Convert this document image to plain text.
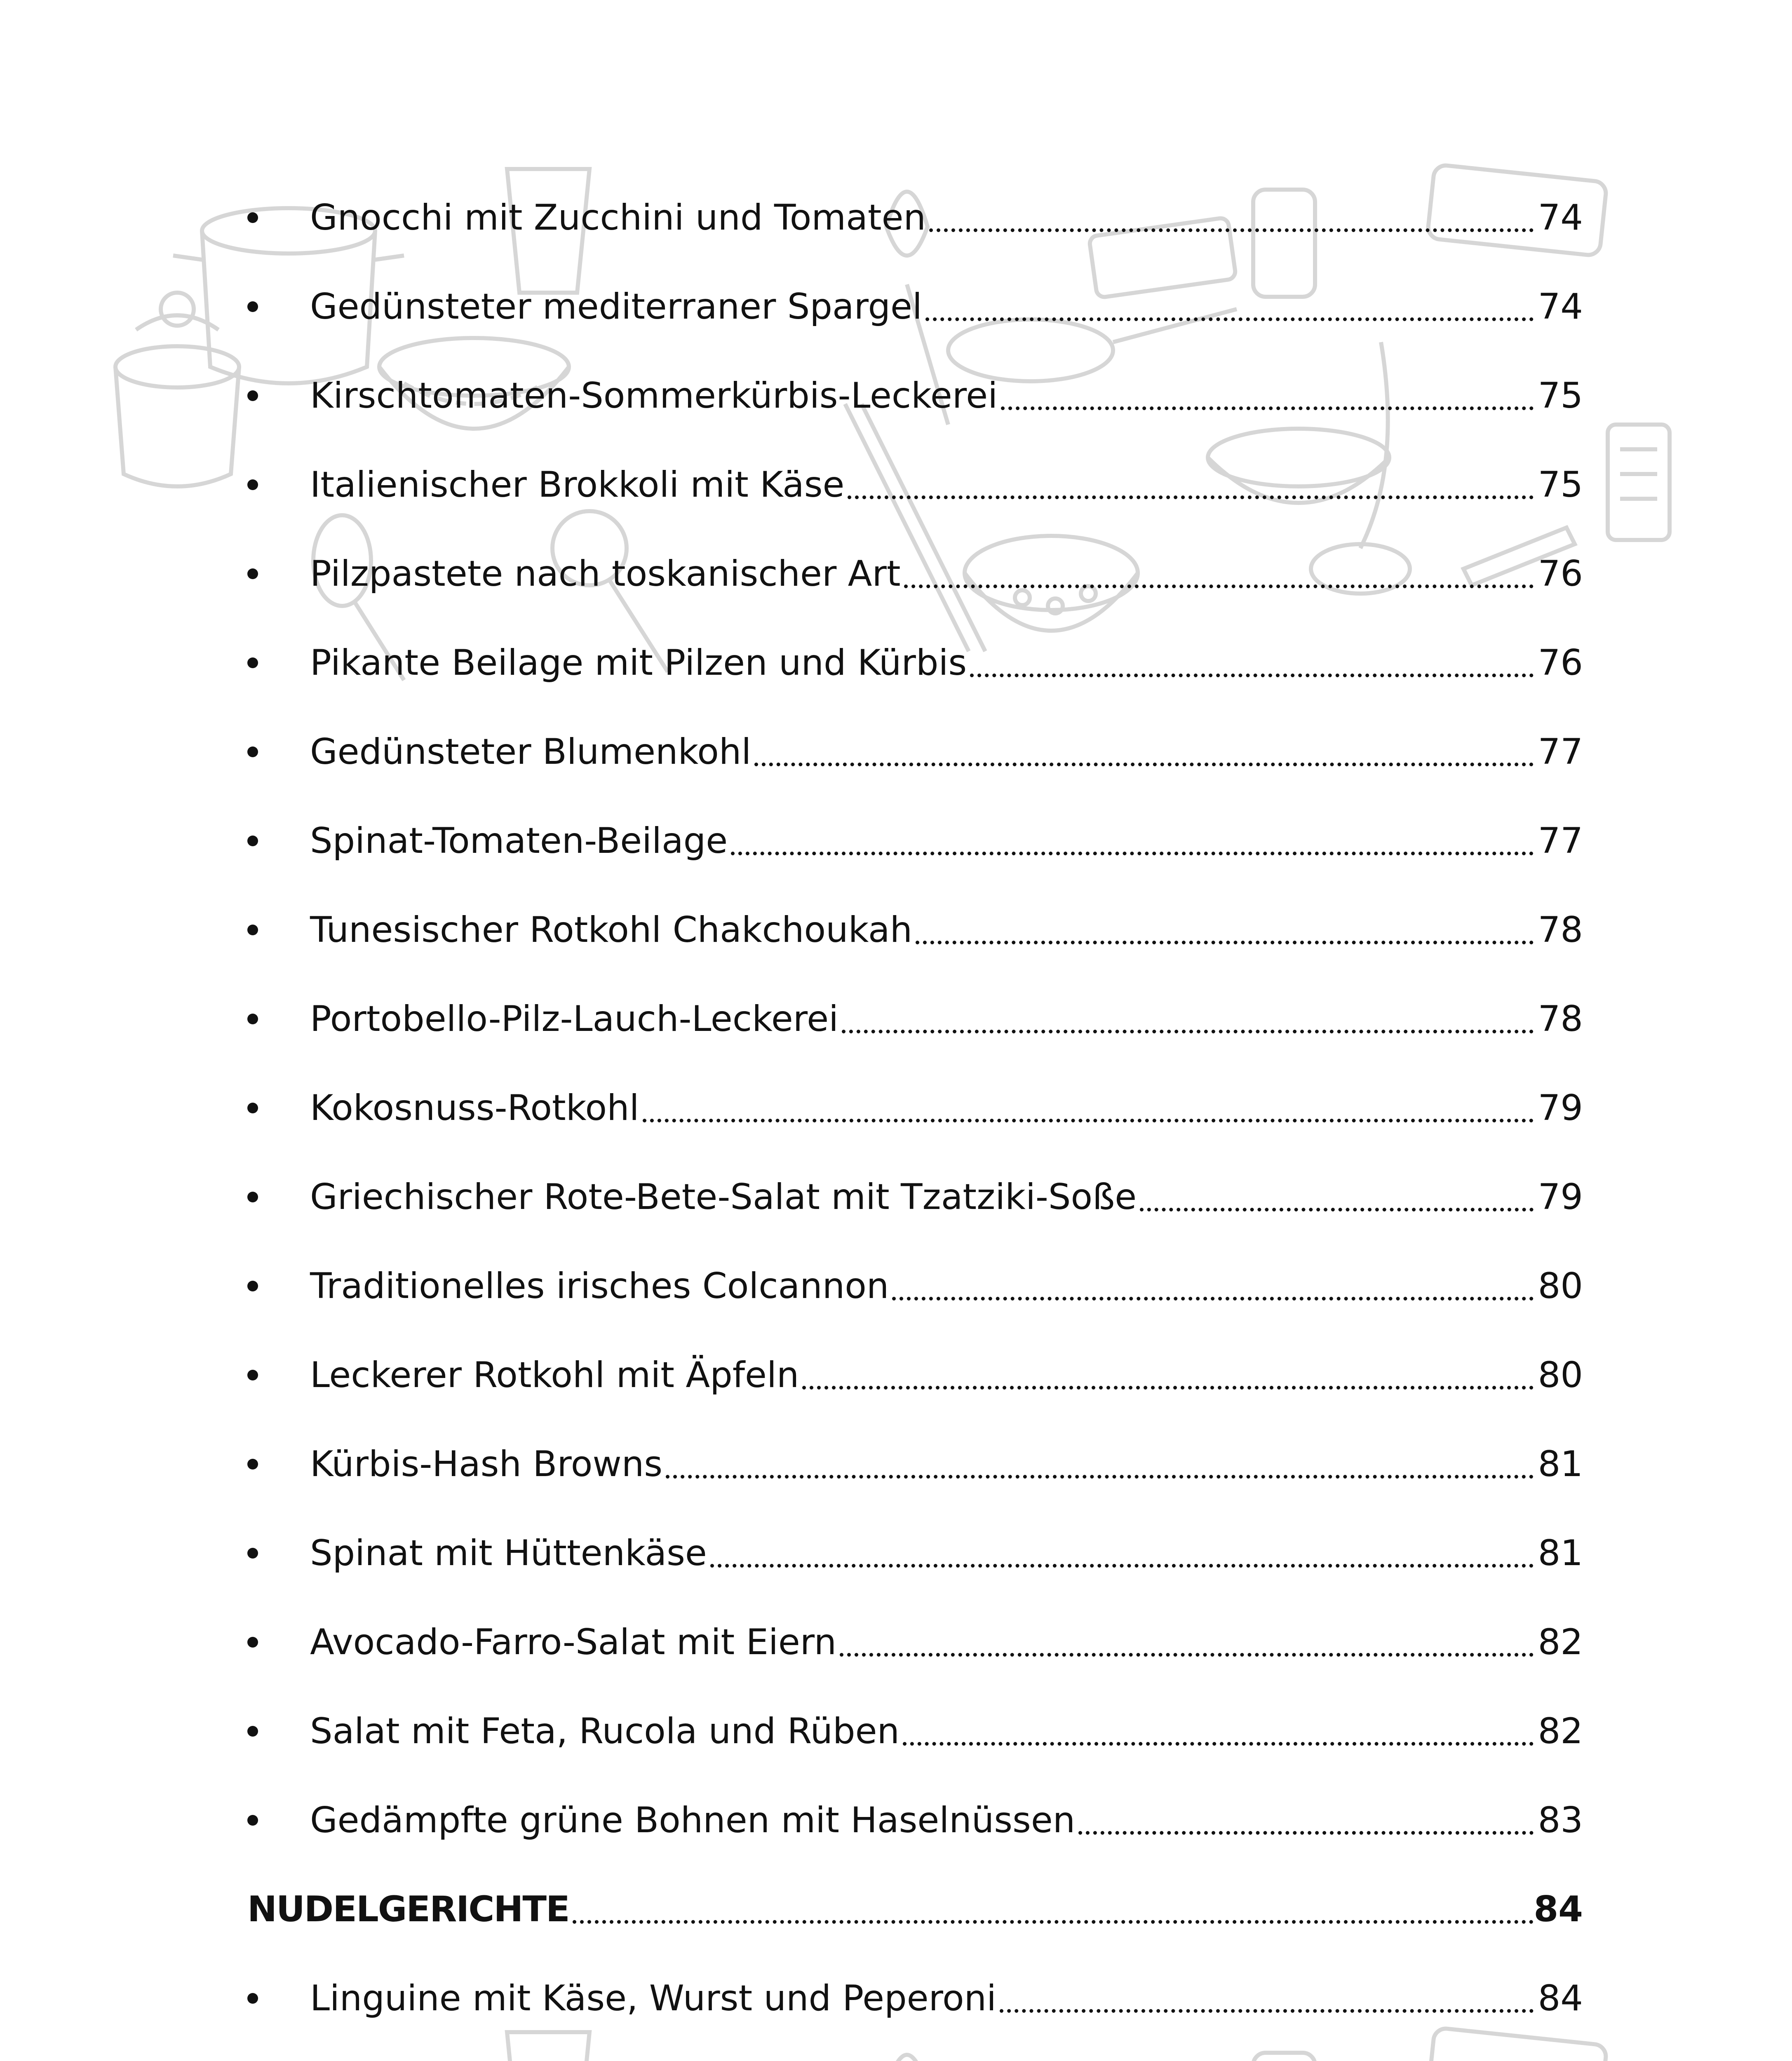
Gnocchi mit Zucchini und Tomaten	74
Gedünsteter mediterraner Spargel	74
Kirschtomaten-Sommerkürbis-Leckerei	75
Italienischer Brokkoli mit Käse	75
Pilzpastete nach toskanischer Art	76
Pikante Beilage mit Pilzen und Kürbis	76
Gedünsteter Blumenkohl	77
Spinat-Tomaten-Beilage	77
Tunesischer Rotkohl Chakchoukah	78
Portobello-Pilz-Lauch-Leckerei	78
Kokosnuss-Rotkohl	79
Griechischer Rote-Bete-Salat mit Tzatziki-Soße	79
Traditionelles irisches Colcannon	80
Leckerer Rotkohl mit Äpfeln	80
Kürbis-Hash Browns	81
Spinat mit Hüttenkäse	81
Avocado-Farro-Salat mit Eiern	82
Salat mit Feta, Rucola und Rüben	82
Gedämpfte grüne Bohnen mit Haselnüssen	83
NUDELGERICHTE	84
Linguine mit Käse, Wurst und Peperoni	84
